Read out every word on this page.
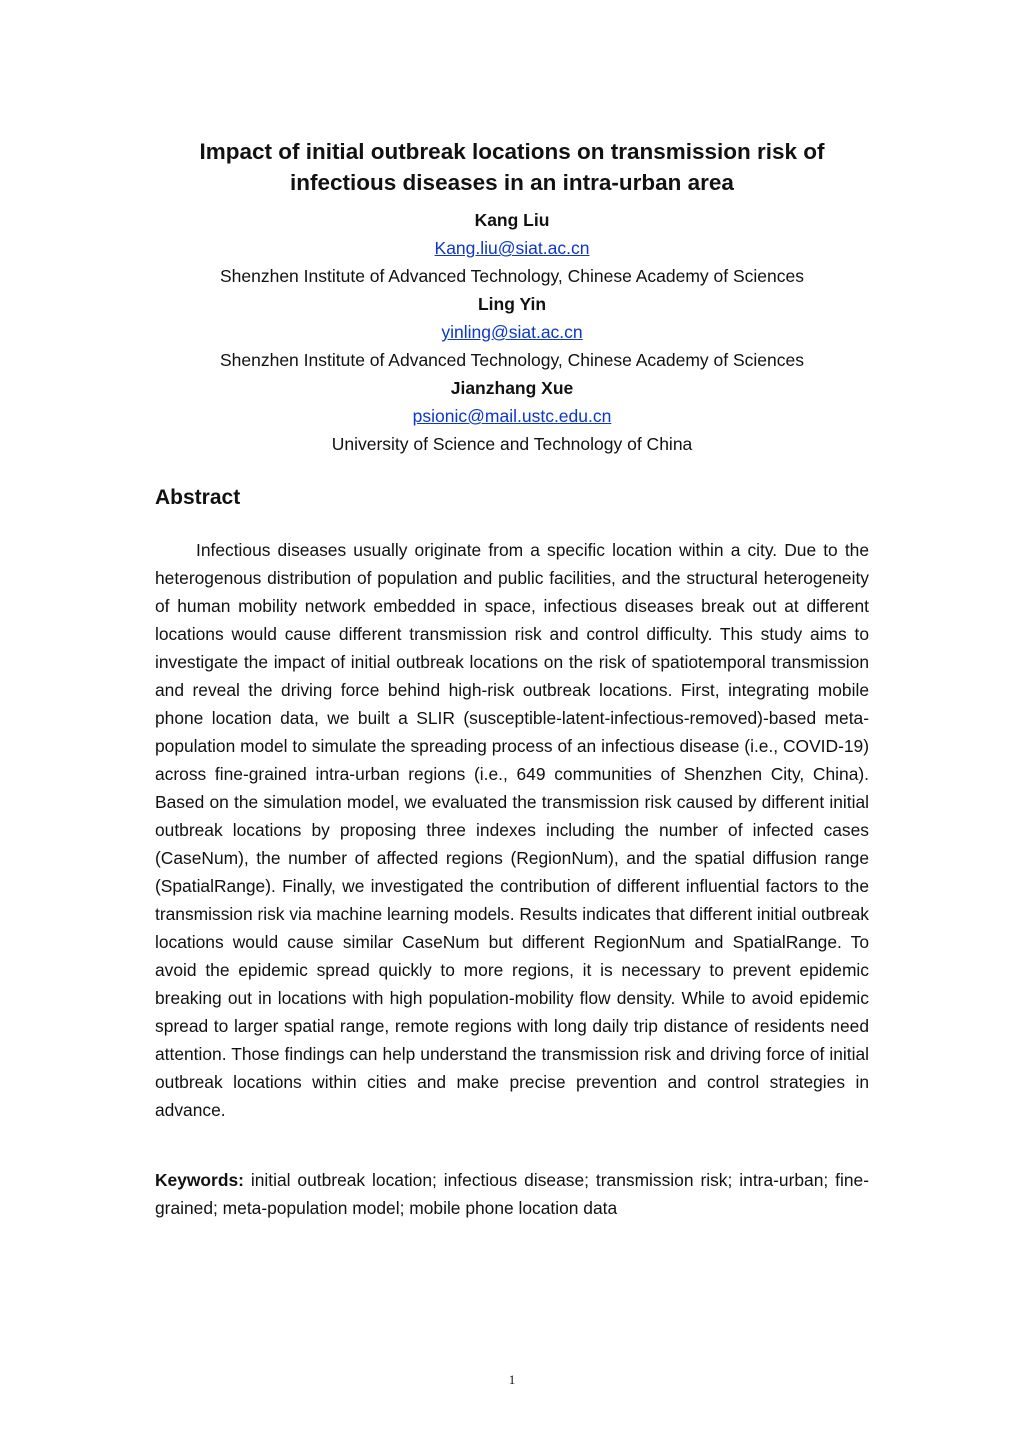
Impact of initial outbreak locations on transmission risk of
infectious diseases in an intra-urban area
Kang Liu
Kang.liu@siat.ac.cn
Shenzhen Institute of Advanced Technology, Chinese Academy of Sciences
Ling Yin
yinling@siat.ac.cn
Shenzhen Institute of Advanced Technology, Chinese Academy of Sciences
Jianzhang Xue
psionic@mail.ustc.edu.cn
University of Science and Technology of China
Abstract

Infectious diseases usually originate from a specific location within a city. Due to the heterogenous distribution of population and public facilities, and the structural heterogeneity of human mobility network embedded in space, infectious diseases break out at different locations would cause different transmission risk and control difficulty. This study aims to investigate the impact of initial outbreak locations on the risk of spatiotemporal transmission and reveal the driving force behind high-risk outbreak locations. First, integrating mobile phone location data, we built a SLIR (susceptible-latent-infectious-removed)-based meta-population model to simulate the spreading process of an infectious disease (i.e., COVID-19) across fine-grained intra-urban regions (i.e., 649 communities of Shenzhen City, China). Based on the simulation model, we evaluated the transmission risk caused by different initial outbreak locations by proposing three indexes including the number of infected cases (CaseNum), the number of affected regions (RegionNum), and the spatial diffusion range (SpatialRange). Finally, we investigated the contribution of different influential factors to the transmission risk via machine learning models. Results indicates that different initial outbreak locations would cause similar CaseNum but different RegionNum and SpatialRange. To avoid the epidemic spread quickly to more regions, it is necessary to prevent epidemic breaking out in locations with high population-mobility flow density. While to avoid epidemic spread to larger spatial range, remote regions with long daily trip distance of residents need attention. Those findings can help understand the transmission risk and driving force of initial outbreak locations within cities and make precise prevention and control strategies in advance.

Keywords: initial outbreak location; infectious disease; transmission risk; intra-urban; fine-grained; meta-population model; mobile phone location data

1
